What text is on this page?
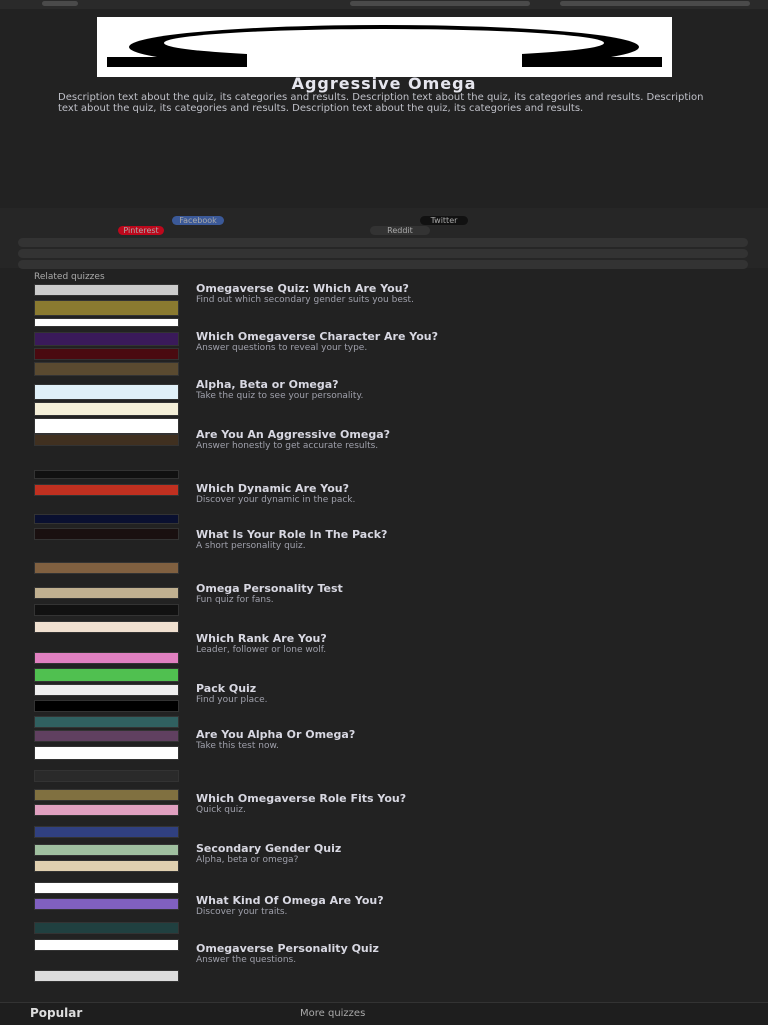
Aggressive Omega
Description text about the quiz, its categories and results. Description text about the quiz, its categories and results. Description text about the quiz, its categories and results. Description text about the quiz, its categories and results.
Facebook	Twitter
Pinterest	Reddit
Related quizzes
Omegaverse Quiz: Which Are You?
Find out which secondary gender suits you best.
Which Omegaverse Character Are You?
Answer questions to reveal your type.
Alpha, Beta or Omega?
Take the quiz to see your personality.
Are You An Aggressive Omega?
Answer honestly to get accurate results.
Which Dynamic Are You?
Discover your dynamic in the pack.
What Is Your Role In The Pack?
A short personality quiz.
Omega Personality Test
Fun quiz for fans.
Which Rank Are You?
Leader, follower or lone wolf.
Pack Quiz
Find your place.
Are You Alpha Or Omega?
Take this test now.
Which Omegaverse Role Fits You?
Quick quiz.
Secondary Gender Quiz
Alpha, beta or omega?
What Kind Of Omega Are You?
Discover your traits.
Omegaverse Personality Quiz
Answer the questions.
Popular	More quizzes
